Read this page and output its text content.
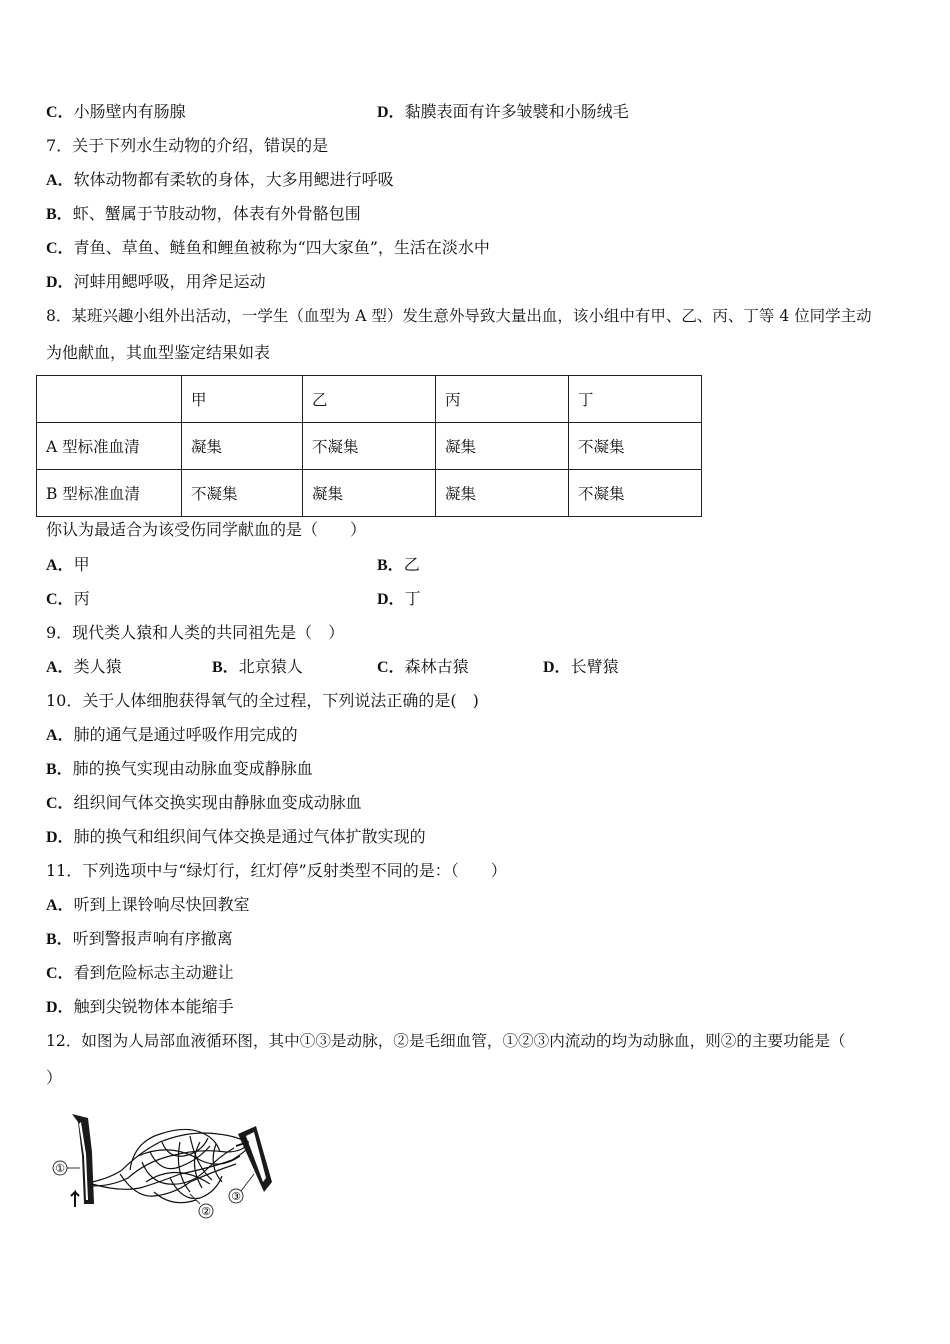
C．小肠壁内有肠腺	D．黏膜表面有许多皱襞和小肠绒毛
7．关于下列水生动物的介绍，错误的是
A．软体动物都有柔软的身体，大多用鳃进行呼吸
B．虾、蟹属于节肢动物，体表有外骨骼包围
C．青鱼、草鱼、鲢鱼和鲤鱼被称为“四大家鱼”，生活在淡水中
D．河蚌用鳃呼吸，用斧足运动
8．某班兴趣小组外出活动，一学生（血型为 A 型）发生意外导致大量出血，该小组中有甲、乙、丙、丁等 4 位同学主动
为他献血，其血型鉴定结果如表
	甲	乙	丙	丁
A 型标准血清	凝集	不凝集	凝集	不凝集
B 型标准血清	不凝集	凝集	凝集	不凝集
你认为最适合为该受伤同学献血的是（　　）
A．甲	B．乙
C．丙	D．丁
9．现代类人猿和人类的共同祖先是（　）
A．类人猿	B．北京猿人	C．森林古猿	D．长臂猿
10．关于人体细胞获得氧气的全过程，下列说法正确的是(　)
A．肺的通气是通过呼吸作用完成的
B．肺的换气实现由动脉血变成静脉血
C．组织间气体交换实现由静脉血变成动脉血
D．肺的换气和组织间气体交换是通过气体扩散实现的
11．下列选项中与“绿灯行，红灯停”反射类型不同的是：（　　）
A．听到上课铃响尽快回教室
B．听到警报声响有序撤离
C．看到危险标志主动避让
D．触到尖锐物体本能缩手
12．如图为人局部血液循环图，其中①③是动脉，②是毛细血管，①②③内流动的均为动脉血，则②的主要功能是（
）
①
②
③
